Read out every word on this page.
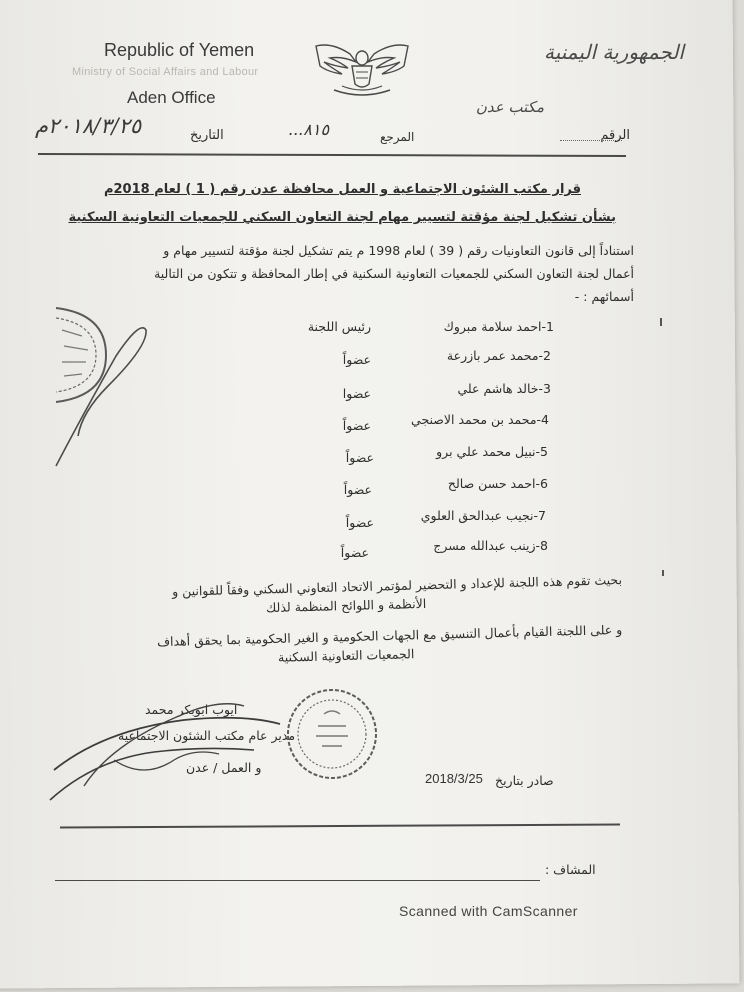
Republic of Yemen
Ministry of Social Affairs and Labour
Aden Office
الجمهورية اليمنية
مكتب عدن
الرقم
المرجع
٨١٥...
التاريخ
٢٠١٨/٣/٢٥م
قرار مكتب الشئون الاجتماعية و العمل محافظة عدن رقم ( 1 ) لعام 2018م
بشأن تشكيل لجنة مؤقتة لتسيير مهام لجنة التعاون السكني للجمعيات التعاونية السكنية
استناداً إلى قانون التعاونيات رقم ( 39 ) لعام 1998 م يتم تشكيل لجنة مؤقتة لتسيير مهام و
أعمال لجنة التعاون السكني للجمعيات التعاونية السكنية في إطار المحافظة و تتكون من التالية
أسمائهم : -
1-احمد سلامة مبروك
رئيس اللجنة
2-محمد عمر بازرعة
عضواً
3-خالد هاشم علي
عضوا
4-محمد بن محمد الاصنجي
عضواً
5-نبيل محمد علي برو
عضواً
6-احمد حسن صالح
عضواً
7-نجيب عبدالحق العلوي
عضواً
8-زينب عبدالله مسرج
عضواً
بحيث تقوم هذه اللجنة للإعداد و التحضير لمؤتمر الاتحاد التعاوني السكني وفقاً للقوانين و
الأنظمة و اللوائح المنظمة لذلك
و على اللجنة القيام بأعمال التنسيق مع الجهات الحكومية و الغير الحكومية بما يحقق أهداف
الجمعيات التعاونية السكنية
ايوب ابوبكر محمد
مدير عام مكتب الشئون الاجتماعية
و العمل / عدن
صادر بتاريخ
2018/3/25
المشاف :
Scanned with CamScanner
